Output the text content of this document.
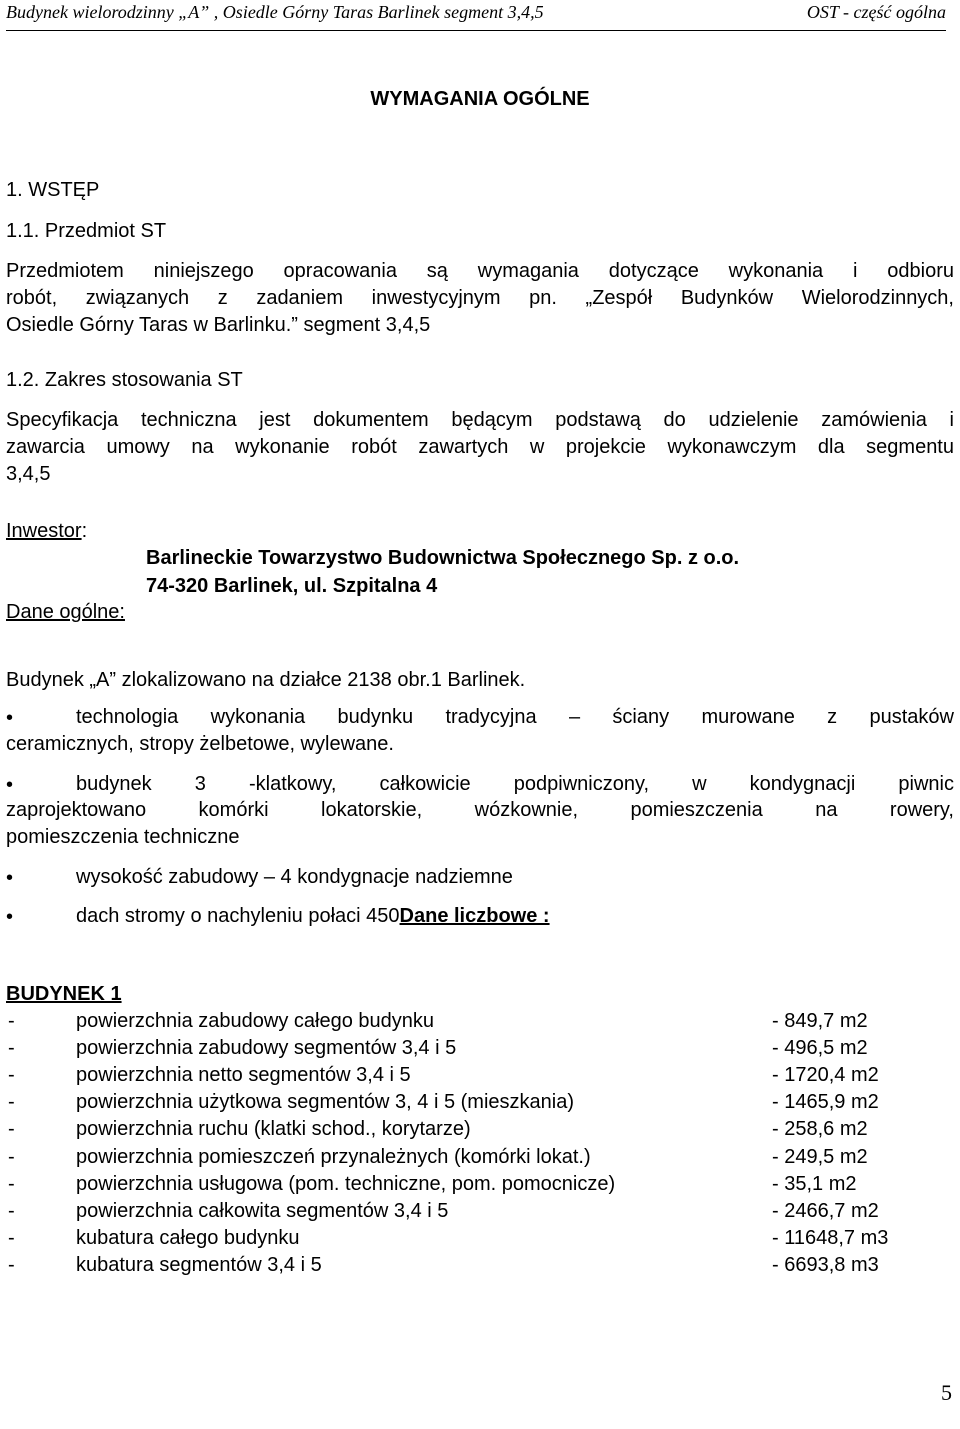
Budynek wielorodzinny „A” , Osiedle Górny Taras Barlinek segment 3,4,5	OST - część ogólna
WYMAGANIA OGÓLNE
1. WSTĘP
1.1. Przedmiot ST
Przedmiotem niniejszego opracowania są wymagania dotyczące wykonania i odbioru
robót, związanych z zadaniem inwestycyjnym pn. „Zespół Budynków Wielorodzinnych,
Osiedle Górny Taras w Barlinku.” segment 3,4,5
1.2. Zakres stosowania ST
Specyfikacja techniczna jest dokumentem będącym podstawą do udzielenie zamówienia i
zawarcia umowy na wykonanie robót zawartych w projekcie wykonawczym dla segmentu
3,4,5
Inwestor:
Barlineckie Towarzystwo Budownictwa Społecznego Sp. z o.o.
74-320 Barlinek, ul. Szpitalna 4
Dane ogólne:
Budynek „A” zlokalizowano na działce 2138 obr.1 Barlinek.
•	technologia wykonania budynku tradycyjna – ściany murowane z pustaków
ceramicznych, stropy żelbetowe, wylewane.
•	budynek 3 -klatkowy, całkowicie podpiwniczony, w kondygnacji piwnic
zaprojektowano komórki lokatorskie, wózkownie, pomieszczenia na rowery,
pomieszczenia techniczne
•	wysokość zabudowy – 4 kondygnacje nadziemne
•	dach stromy o nachyleniu połaci 450Dane liczbowe :
BUDYNEK 1
-	powierzchnia zabudowy całego budynku	- 849,7 m2
-	powierzchnia zabudowy segmentów 3,4 i 5	- 496,5 m2
-	powierzchnia netto segmentów 3,4 i 5	- 1720,4 m2
-	powierzchnia użytkowa segmentów 3, 4 i 5 (mieszkania)	- 1465,9 m2
-	powierzchnia ruchu (klatki schod., korytarze)	- 258,6 m2
-	powierzchnia pomieszczeń przynależnych (komórki lokat.)	- 249,5 m2
-	powierzchnia usługowa (pom. techniczne, pom. pomocnicze)	- 35,1 m2
-	powierzchnia całkowita segmentów 3,4 i 5	- 2466,7 m2
-	kubatura całego budynku	- 11648,7 m3
-	kubatura segmentów 3,4 i 5	- 6693,8 m3
5
